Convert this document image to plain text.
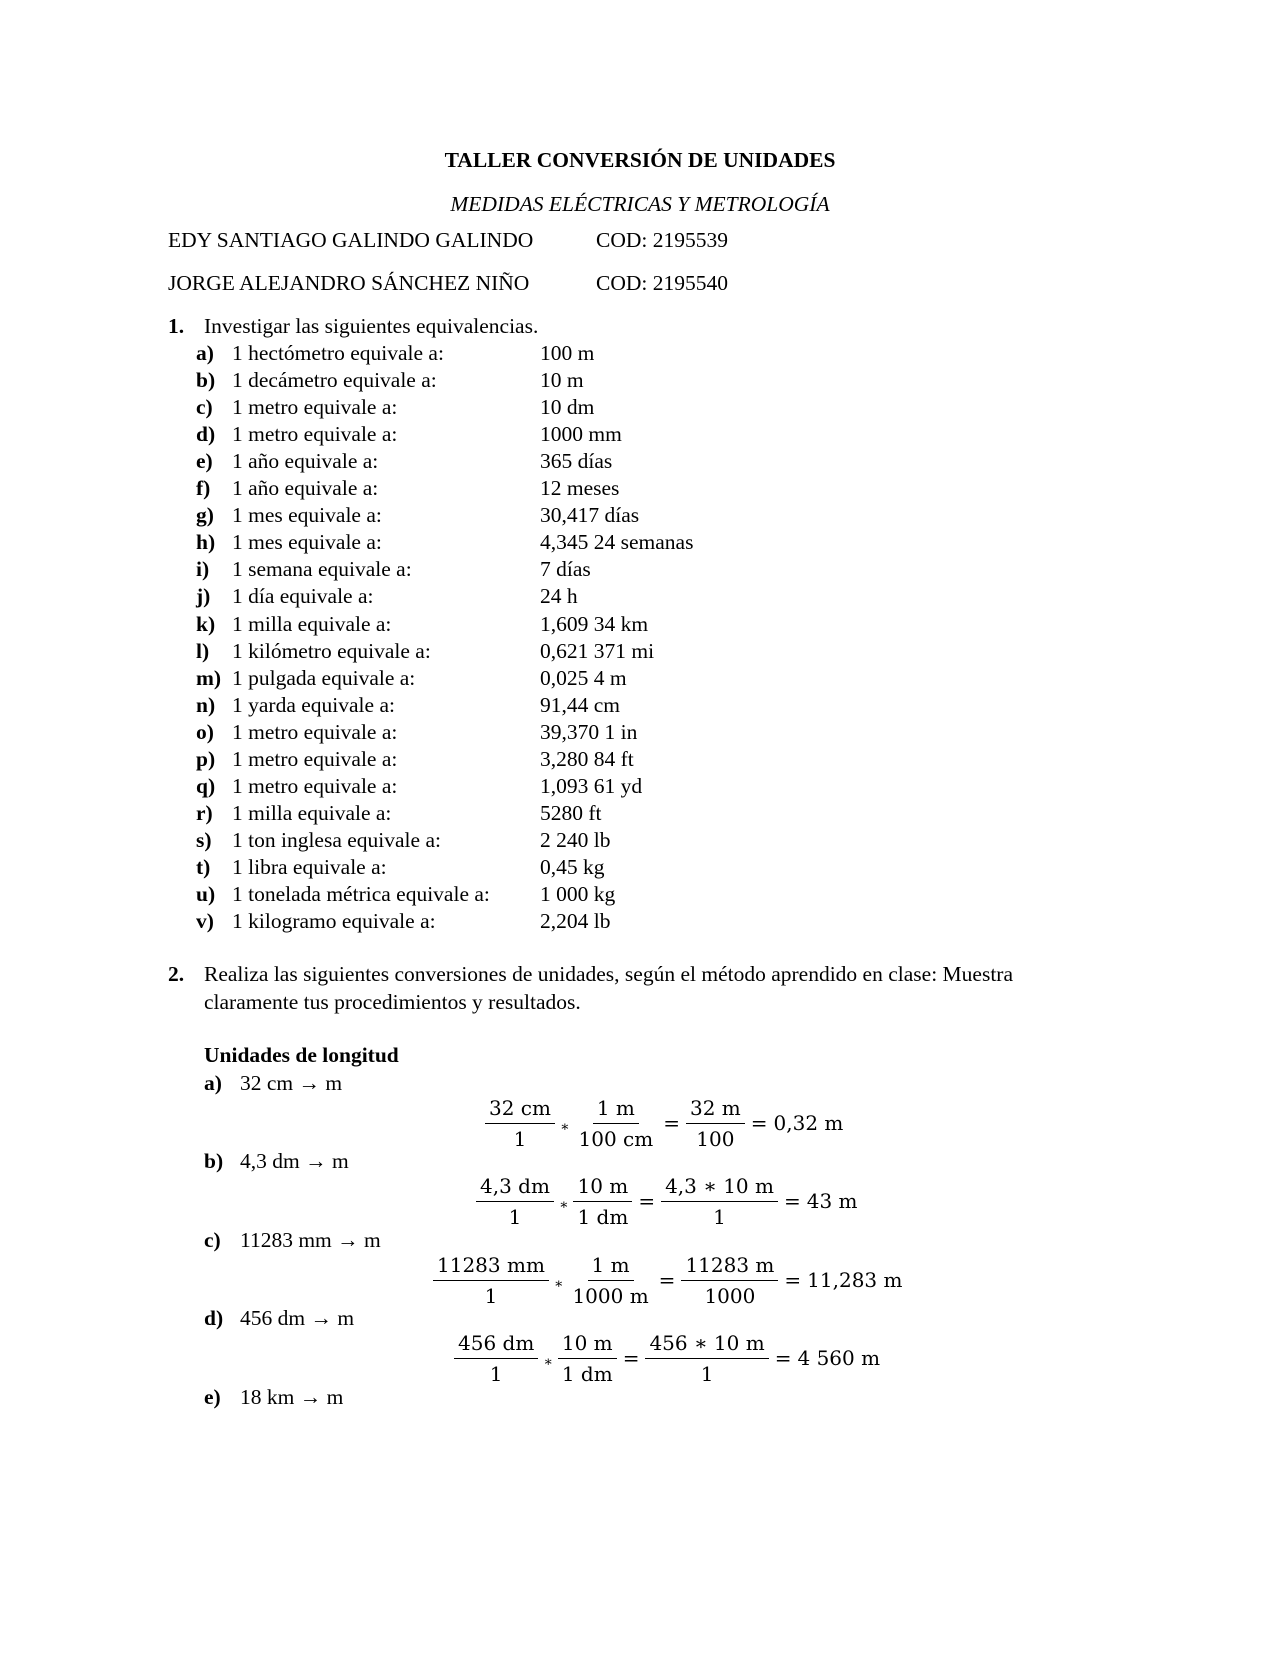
TALLER CONVERSIÓN DE UNIDADES
MEDIDAS ELÉCTRICAS Y METROLOGÍA
EDY SANTIAGO GALINDO GALINDO	COD: 2195539
JORGE ALEJANDRO SÁNCHEZ NIÑO	COD: 2195540
1. Investigar las siguientes equivalencias.
a) 1 hectómetro equivale a:	100 m
b) 1 decámetro equivale a:	10 m
c) 1 metro equivale a:	10 dm
d) 1 metro equivale a:	1000 mm
e) 1 año equivale a:	365 días
f)	1 año equivale a:	12 meses
g) 1 mes equivale a:	30,417 días
h) 1 mes equivale a:	4,345 24 semanas
i)	1 semana equivale a:	7 días
j)	1 día equivale a:	24 h
k) 1 milla equivale a:	1,609 34 km
l)	1 kilómetro equivale a:	0,621 371 mi
m) 1 pulgada equivale a:	0,025 4 m
n) 1 yarda equivale a:	91,44 cm
o) 1 metro equivale a:	39,370 1 in
p) 1 metro equivale a:	3,280 84 ft
q) 1 metro equivale a:	1,093 61 yd
r) 1 milla equivale a:	5280 ft
s) 1 ton inglesa equivale a:	2 240 lb
t)	1 libra equivale a:	0,45 kg
u) 1 tonelada métrica equivale a: 1 000 kg
v) 1 kilogramo equivale a:	2,204 lb
2. Realiza las siguientes conversiones de unidades, según el método aprendido en clase: Muestra
claramente tus procedimientos y resultados.
Unidades de longitud
a) 32 cm → m
$\frac{32 cm}{1}$ ∗ $\frac{1 m}{100 cm} = \frac{32 m}{100} = 0,32$ m
b) 4,3 dm → m
$\frac{4,3 dm}{1}$ ∗ $\frac{10 m}{1 dm} = \frac{4,3 ∗ 10 m}{1} = 43$ m
c) 11283 mm → m
$\frac{11283 mm}{1}$ ∗ $\frac{1 m}{1000 m} = \frac{11283 m}{1000} = 11,283$ m
d) 456 dm → m
$\frac{456 dm}{1}$ ∗ $\frac{10 m}{1 dm} = \frac{456 ∗ 10 m}{1} = 4$ 560 m
e) 18 km → m
